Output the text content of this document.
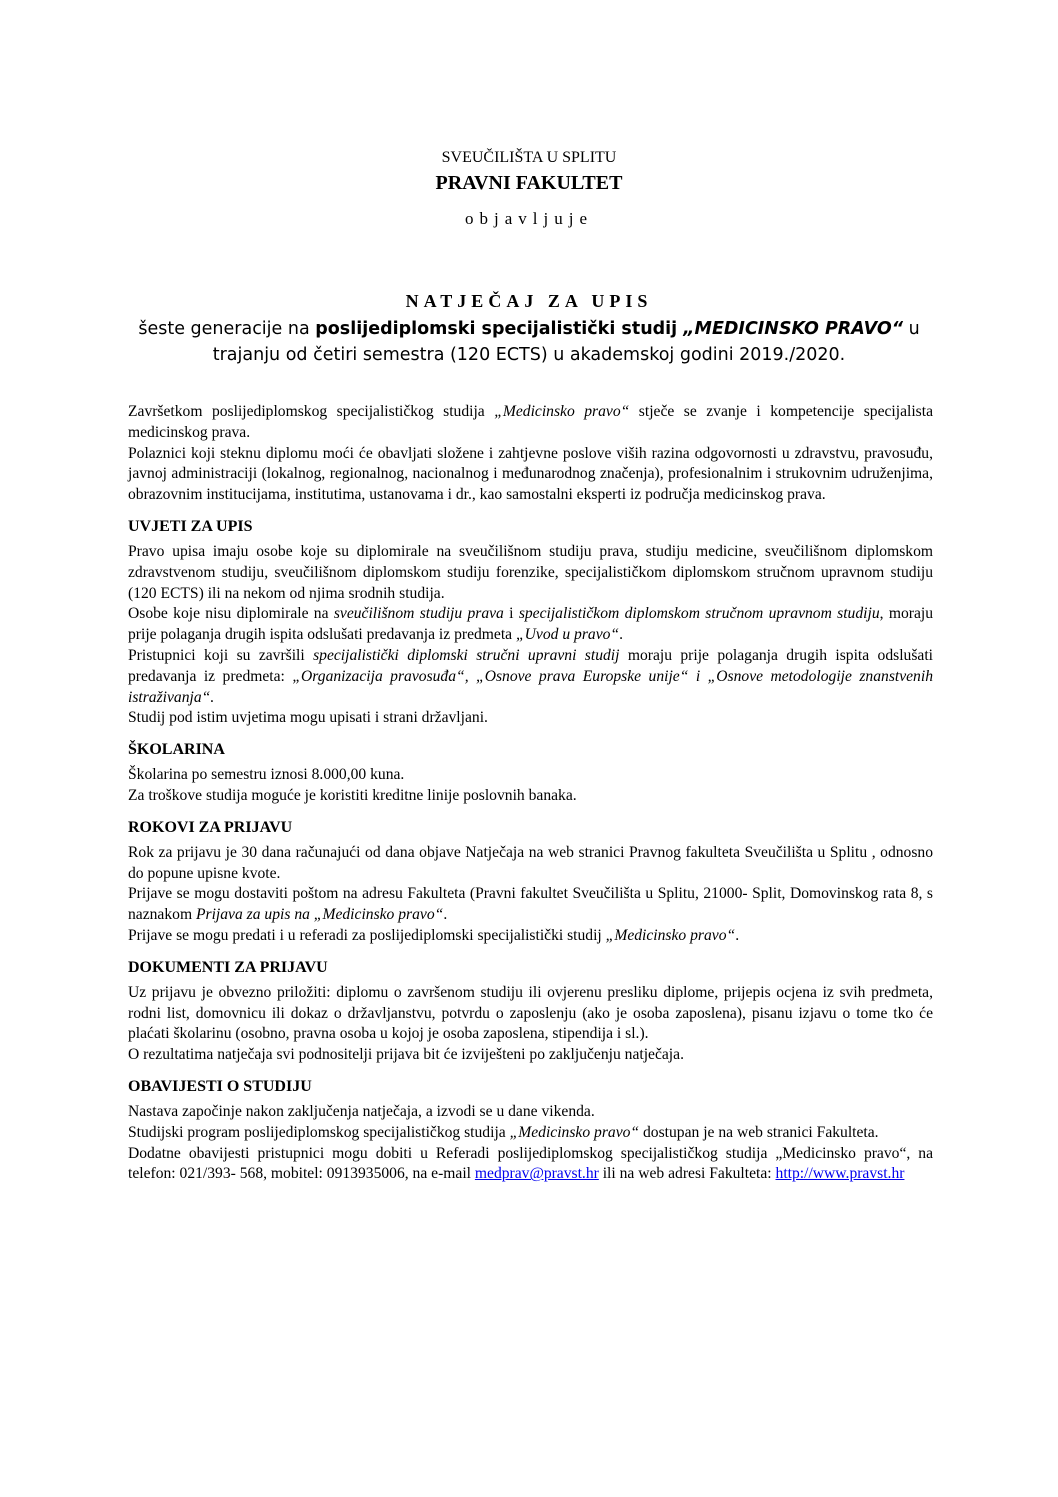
SVEUČILIŠTA U SPLITU
PRAVNI FAKULTET
objavljuje
NATJEČAJ ZA UPIS
šeste generacije na poslijediplomski specijalistički studij „MEDICINSKO PRAVO“ u
trajanju od četiri semestra (120 ECTS) u akademskoj godini 2019./2020.

Završetkom poslijediplomskog specijalističkog studija „Medicinsko pravo“ stječe se zvanje i kompetencije specijalista medicinskog prava.

Polaznici koji steknu diplomu moći će obavljati složene i zahtjevne poslove viših razina odgovornosti u zdravstvu, pravosuđu, javnoj administraciji (lokalnog, regionalnog, nacionalnog i međunarodnog značenja), profesionalnim i strukovnim udruženjima, obrazovnim institucijama, institutima, ustanovama i dr., kao samostalni eksperti iz područja medicinskog prava.

UVJETI ZA UPIS

Pravo upisa imaju osobe koje su diplomirale na sveučilišnom studiju prava, studiju medicine, sveučilišnom diplomskom zdravstvenom studiju, sveučilišnom diplomskom studiju forenzike, specijalističkom diplomskom stručnom upravnom studiju (120 ECTS) ili na nekom od njima srodnih studija.

Osobe koje nisu diplomirale na sveučilišnom studiju prava i specijalističkom diplomskom stručnom upravnom studiju, moraju prije polaganja drugih ispita odslušati predavanja iz predmeta „Uvod u pravo“.

Pristupnici koji su završili specijalistički diplomski stručni upravni studij moraju prije polaganja drugih ispita odslušati predavanja iz predmeta: „Organizacija pravosuđa“, „Osnove prava Europske unije“ i „Osnove metodologije znanstvenih istraživanja“.

Studij pod istim uvjetima mogu upisati i strani državljani.

ŠKOLARINA

Školarina po semestru iznosi 8.000,00 kuna.

Za troškove studija moguće je koristiti kreditne linije poslovnih banaka.

ROKOVI ZA PRIJAVU

Rok za prijavu je 30 dana računajući od dana objave Natječaja na web stranici Pravnog fakulteta Sveučilišta u Splitu , odnosno do popune upisne kvote.

Prijave se mogu dostaviti poštom na adresu Fakulteta (Pravni fakultet Sveučilišta u Splitu, 21000- Split, Domovinskog rata 8, s naznakom Prijava za upis na „Medicinsko pravo“.

Prijave se mogu predati i u referadi za poslijediplomski specijalistički studij „Medicinsko pravo“.

DOKUMENTI ZA PRIJAVU

Uz prijavu je obvezno priložiti: diplomu o završenom studiju ili ovjerenu presliku diplome, prijepis ocjena iz svih predmeta, rodni list, domovnicu ili dokaz o državljanstvu, potvrdu o zaposlenju (ako je osoba zaposlena), pisanu izjavu o tome tko će plaćati školarinu (osobno, pravna osoba u kojoj je osoba zaposlena, stipendija i sl.).

O rezultatima natječaja svi podnositelji prijava bit će izviješteni po zaključenju natječaja.

OBAVIJESTI O STUDIJU

Nastava započinje nakon zaključenja natječaja, a izvodi se u dane vikenda.

Studijski program poslijediplomskog specijalističkog studija „Medicinsko pravo“ dostupan je na web stranici Fakulteta.

Dodatne obavijesti pristupnici mogu dobiti u Referadi poslijediplomskog specijalističkog studija „Medicinsko pravo“, na telefon: 021/393- 568, mobitel: 0913935006, na e-mail medprav@pravst.hr ili na web adresi Fakulteta: http://www.pravst.hr
